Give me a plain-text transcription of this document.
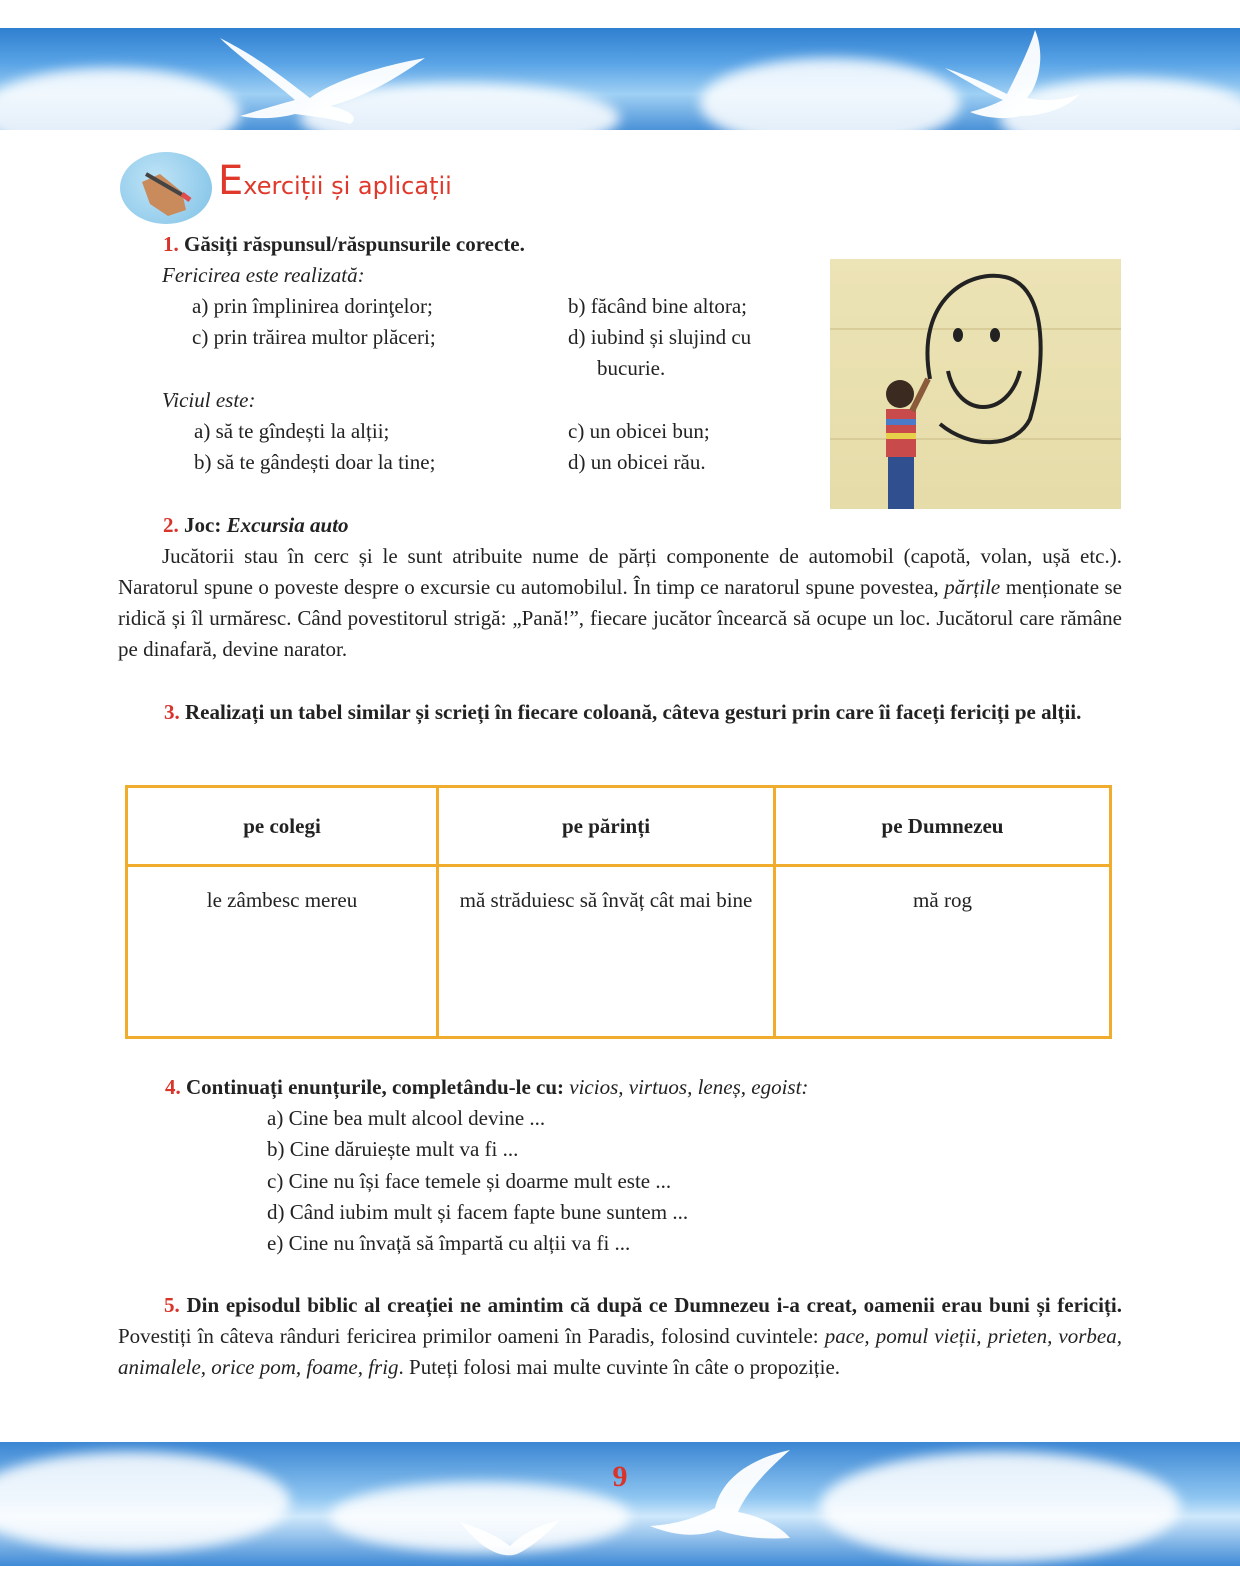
Exerciții și aplicații
1. Găsiți răspunsul/răspunsurile corecte.
Fericirea este realizată:
a) prin împlinirea dorinţelor;	b) făcând bine altora;
c) prin trăirea multor plăceri;	d) iubind și slujind cu
bucurie.
Viciul este:
a) să te gîndești la alții;	c) un obicei bun;
b) să te gândești doar la tine;	d) un obicei rău.
2. Joc: Excursia auto
Jucătorii stau în cerc și le sunt atribuite nume de părți componente de automobil (capotă, volan, ușă etc.). Naratorul spune o poveste despre o excursie cu automobilul. În timp ce naratorul spune povestea, părțile menționate se ridică și îl urmăresc. Când povestitorul strigă: „Pană!”, fiecare jucător încearcă să ocupe un loc. Jucătorul care rămâne pe dinafară, devine narator.
3. Realizați un tabel similar și scrieți în fiecare coloană, câteva gesturi prin care îi faceți fericiți pe alții.
pe colegi	pe părinți	pe Dumnezeu
le zâmbesc mereu	mă străduiesc să învăț cât mai bine	mă rog
4. Continuați enunțurile, completându-le cu: vicios, virtuos, leneș, egoist:
a) Cine bea mult alcool devine ...
b) Cine dăruiește mult va fi ...
c) Cine nu își face temele și doarme mult este ...
d) Când iubim mult și facem fapte bune suntem ...
e) Cine nu învață să împartă cu alții va fi ...
5. Din episodul biblic al creației ne amintim că după ce Dumnezeu i-a creat, oamenii erau buni și fericiți. Povestiți în câteva rânduri fericirea primilor oameni în Paradis, folosind cuvintele: pace, pomul vieții, prieten, vorbea, animalele, orice pom, foame, frig. Puteți folosi mai multe cuvinte în câte o propoziție.
9
